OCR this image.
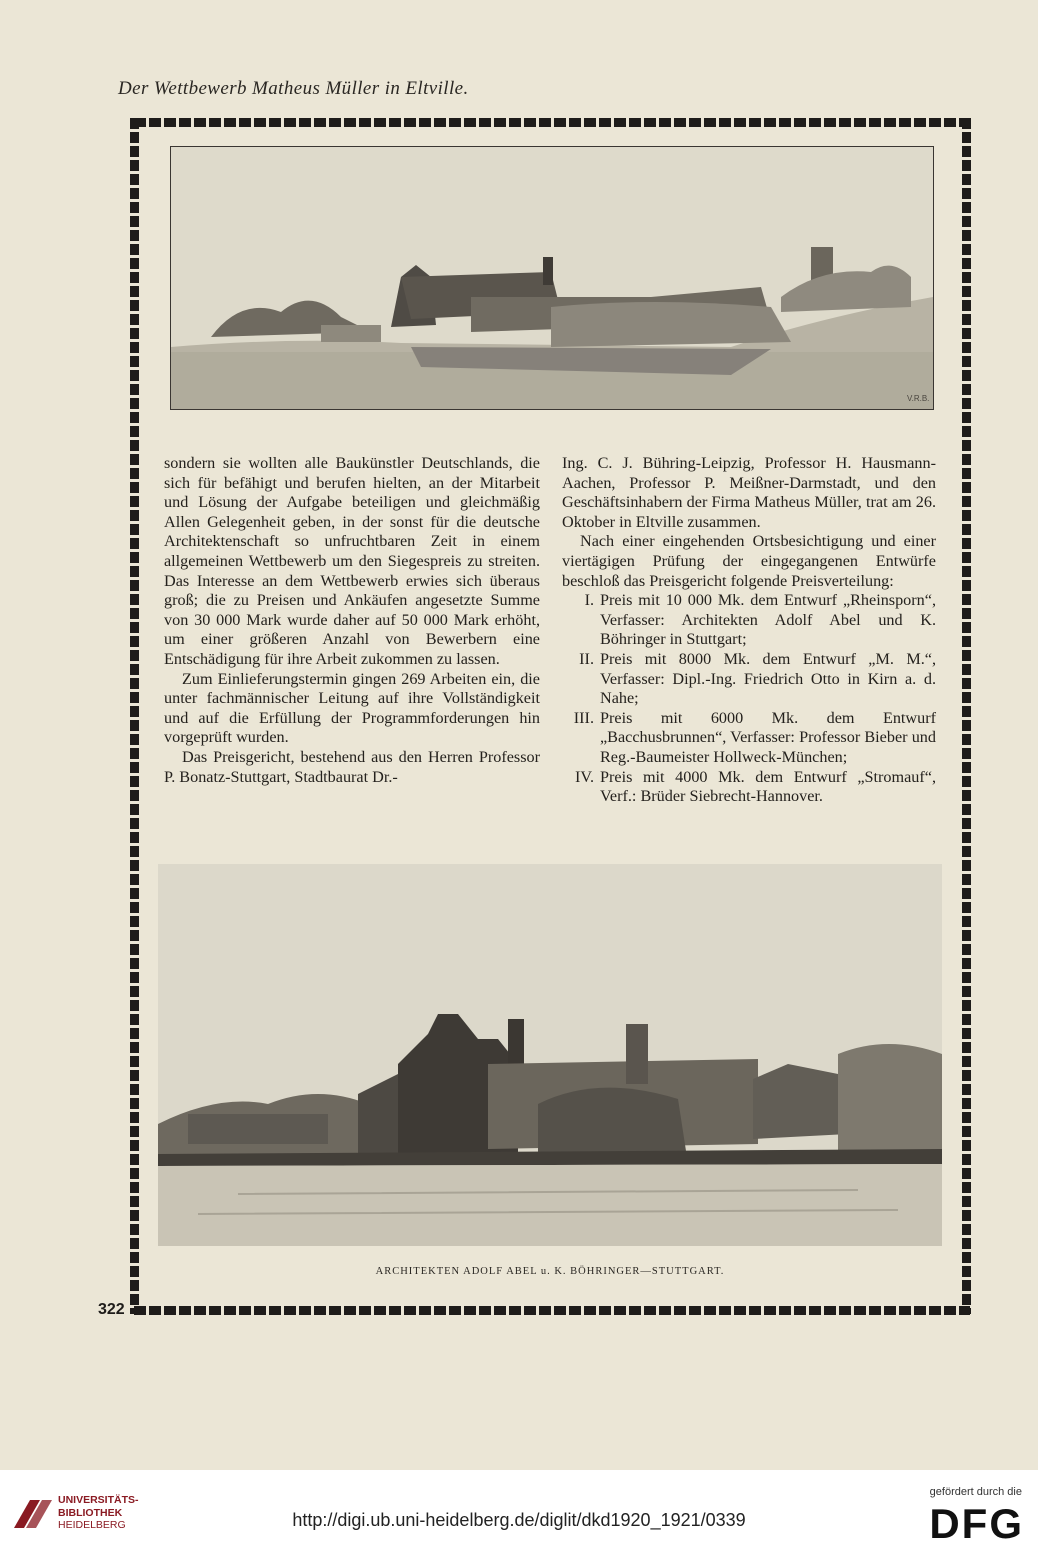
Der Wettbewerb Matheus Müller in Eltville.
322
V.R.B.

sondern sie wollten alle Baukünstler Deutschlands, die sich für befähigt und berufen hielten, an der Mitarbeit und Lösung der Aufgabe beteiligen und gleichmäßig Allen Gelegenheit geben, in der sonst für die deutsche Architektenschaft so unfruchtbaren Zeit in einem allgemeinen Wettbewerb um den Siegespreis zu streiten. Das Interesse an dem Wettbewerb erwies sich überaus groß; die zu Preisen und Ankäufen angesetzte Summe von 30 000 Mark wurde daher auf 50 000 Mark erhöht, um einer größeren Anzahl von Bewerbern eine Entschädigung für ihre Arbeit zukommen zu lassen.

Zum Einlieferungstermin gingen 269 Arbeiten ein, die unter fachmännischer Leitung auf ihre Vollständigkeit und auf die Erfüllung der Programmforderungen hin vorgeprüft wurden.

Das Preisgericht, bestehend aus den Herren Professor P. Bonatz-Stuttgart, Stadtbaurat Dr.-

Ing. C. J. Bühring-Leipzig, Professor H. Hausmann-Aachen, Professor P. Meißner-Darmstadt, und den Geschäftsinhabern der Firma Matheus Müller, trat am 26. Oktober in Eltville zusammen.

Nach einer eingehenden Ortsbesichtigung und einer viertägigen Prüfung der eingegangenen Entwürfe beschloß das Preisgericht folgende Preisverteilung:

I. Preis mit 10 000 Mk. dem Entwurf „Rheinsporn“, Verfasser: Architekten Adolf Abel und K. Böhringer in Stuttgart;
II. Preis mit 8000 Mk. dem Entwurf „M. M.“, Verfasser: Dipl.-Ing. Friedrich Otto in Kirn a. d. Nahe;
III. Preis mit 6000 Mk. dem Entwurf „Bacchusbrunnen“, Verfasser: Professor Bieber und Reg.-Baumeister Hollweck-München;
IV. Preis mit 4000 Mk. dem Entwurf „Stromauf“, Verf.: Brüder Siebrecht-Hannover.
ARCHITEKTEN ADOLF ABEL u. K. BÖHRINGER—STUTTGART.
UNIVERSITÄTS-
BIBLIOTHEK
HEIDELBERG	http://digi.ub.uni-heidelberg.de/diglit/dkd1920_1921/0339
gefördert durch die
DFG
